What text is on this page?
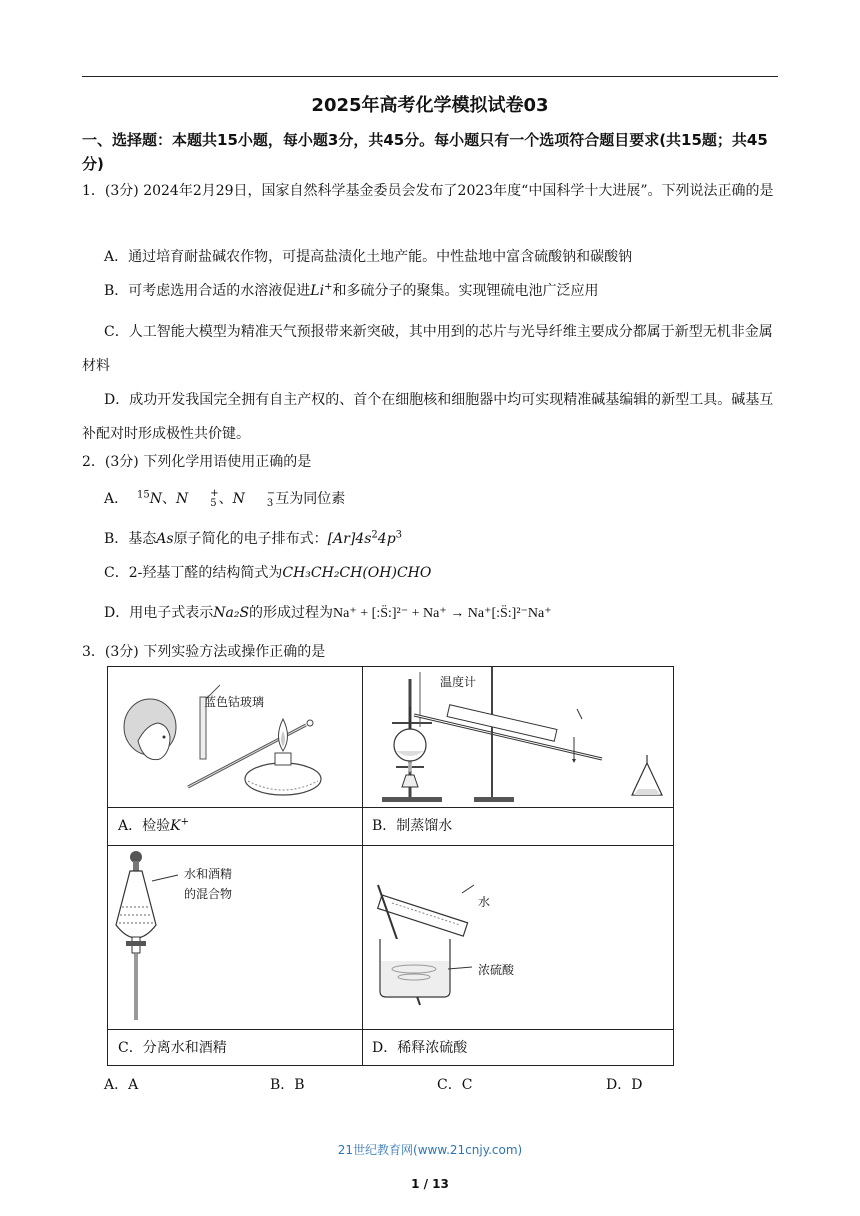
2025年高考化学模拟试卷03
一、选择题：本题共15小题，每小题3分，共45分。每小题只有一个选项符合题目要求(共15题；共45分)
1．(3分) 2024年2月29日，国家自然科学基金委员会发布了2023年度“中国科学十大进展”。下列说法正确的是
A．通过培育耐盐碱农作物，可提高盐渍化土地产能。中性盐地中富含硫酸钠和碳酸钠
B．可考虑选用合适的水溶液促进Li+和多硫分子的聚集。实现锂硫电池广泛应用
C．人工智能大模型为精准天气预报带来新突破，其中用到的芯片与光导纤维主要成分都属于新型无机非金属材料
D．成功开发我国完全拥有自主产权的、首个在细胞核和细胞器中均可实现精准碱基编辑的新型工具。碱基互补配对时形成极性共价键。
2．(3分) 下列化学用语使用正确的是
A． $^{15}$N、N	+
5 、N	−
3 互为同位素
B．基态As原子简化的电子排布式：$[Ar]4s^24p^3$
C．2-羟基丁醛的结构简式为CH₃CH₂CH(OH)CHO
D．用电子式表示Na₂S的形成过程为Na⁺ + [:S̈:]²⁻ + Na⁺ → Na⁺[:S̈:]²⁻Na⁺
3．(3分) 下列实验方法或操作正确的是
蓝色钴玻璃
温度计
A．检验K+	B．制蒸馏水
水和酒精
的混合物
水
浓硫酸
C．分离水和酒精	D．稀释浓硫酸
A．A	B．B	C．C	D．D
21世纪教育网(www.21cnjy.com)
1 / 13
